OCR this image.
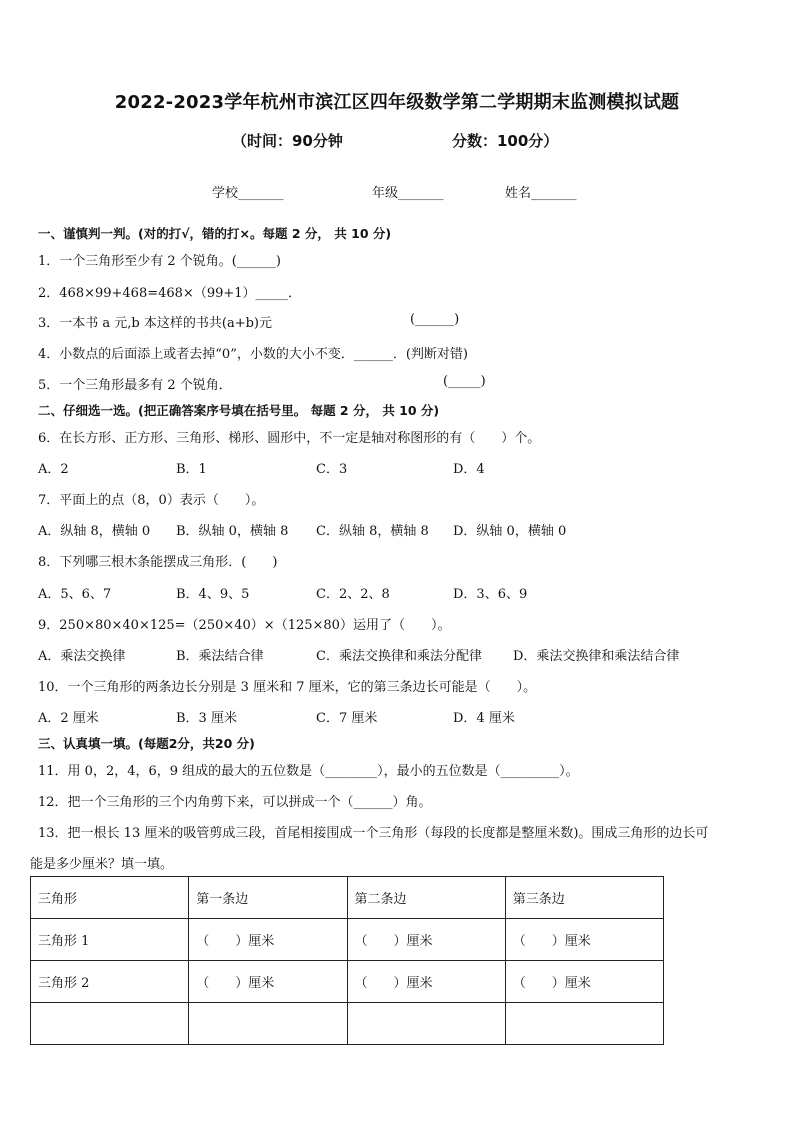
2022-2023学年杭州市滨江区四年级数学第二学期期末监测模拟试题
（时间：90分钟	分数：100分）
学校_______	年级_______	姓名_______
一、谨慎判一判。(对的打√，错的打×。每题 2 分， 共 10 分)
1．一个三角形至少有 2 个锐角。(______)
2．468×99+468=468×（99+1）_____．
3．一本书 a 元,b 本这样的书共(a+b)元	(______)
4．小数点的后面添上或者去掉“0”，小数的大小不变．______．(判断对错)
5．一个三角形最多有 2 个锐角．	(_____)
二、仔细选一选。(把正确答案序号填在括号里。 每题 2 分， 共 10 分)
6．在长方形、正方形、三角形、梯形、圆形中，不一定是轴对称图形的有（　　）个。
A．2	B．1	C．3	D．4
7．平面上的点（8，0）表示（　　）。
A．纵轴 8，横轴 0 B．纵轴 0，横轴 8 C．纵轴 8，横轴 8 D．纵轴 0，横轴 0
8．下列哪三根木条能摆成三角形．(　　)
A．5、6、7	B．4、9、5	C．2、2、8	D．3、6、9
9．250×80×40×125=（250×40）×（125×80）运用了（　　）。
A．乘法交换律	B．乘法结合律	C．乘法交换律和乘法分配律 D．乘法交换律和乘法结合律
10．一个三角形的两条边长分别是 3 厘米和 7 厘米，它的第三条边长可能是（　　）。
A．2 厘米	B．3 厘米	C．7 厘米	D．4 厘米
三、认真填一填。(每题2分，共20 分)
11．用 0，2，4，6，9 组成的最大的五位数是（________），最小的五位数是（_________）。
12．把一个三角形的三个内角剪下来，可以拼成一个（______）角。
13．把一根长 13 厘米的吸管剪成三段，首尾相接围成一个三角形（每段的长度都是整厘米数)。围成三角形的边长可
能是多少厘米？填一填。
三角形	第一条边	第二条边	第三条边
三角形 1	（　　）厘米	（　　）厘米	（　　）厘米
三角形 2	（　　）厘米	（　　）厘米	（　　）厘米
